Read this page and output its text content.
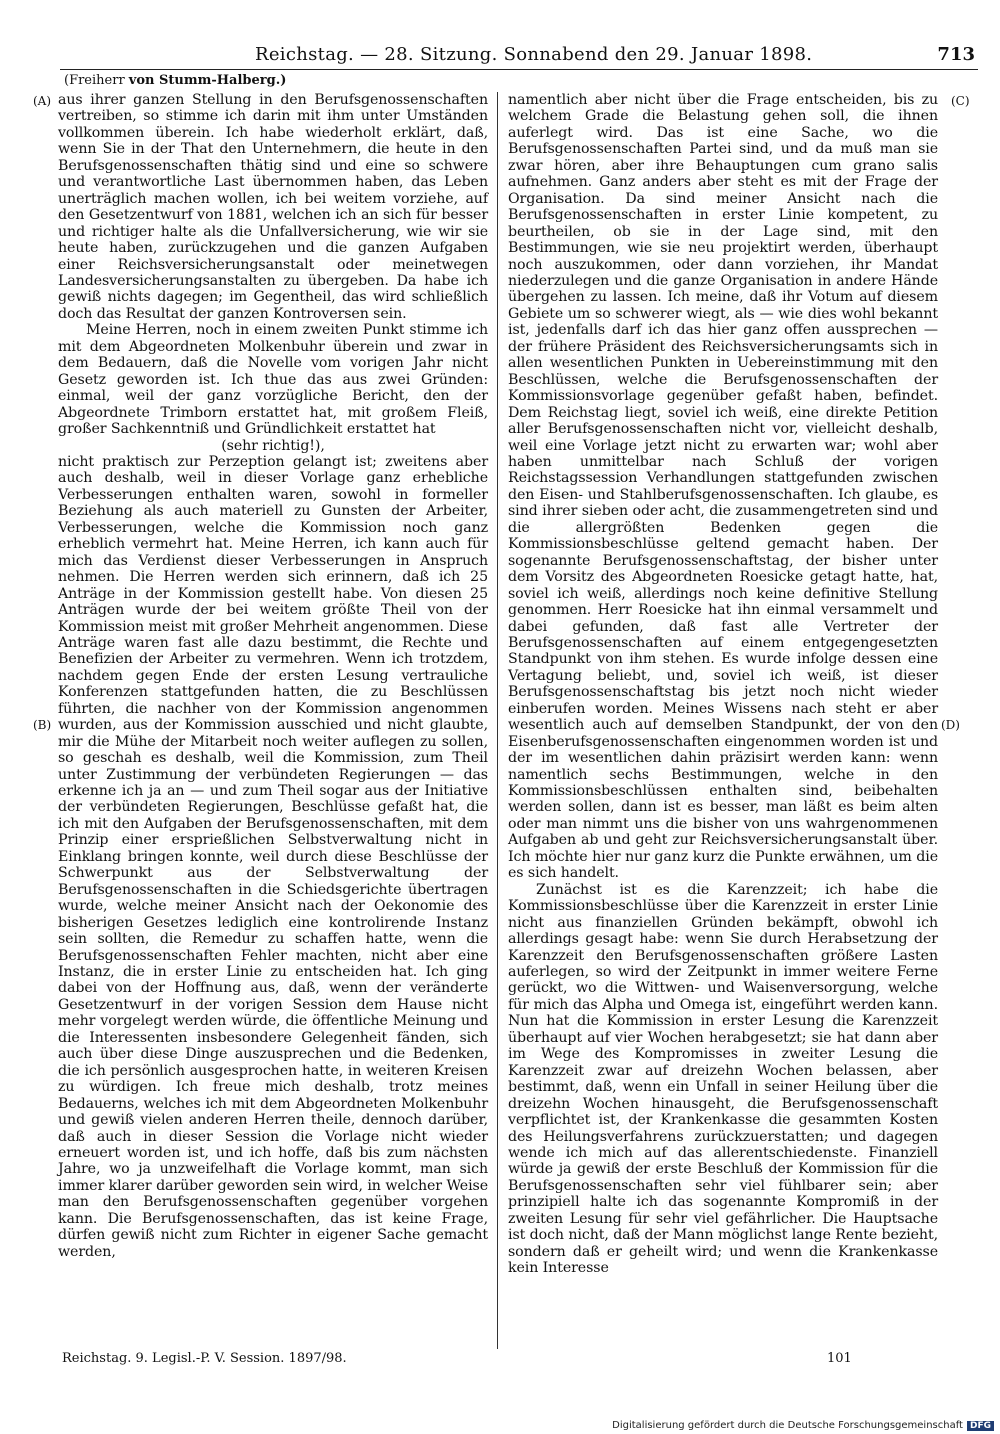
Reichstag. — 28. Sitzung. Sonnabend den 29. Januar 1898.	713
(Freiherr von Stumm-Halberg.)
(A)
(B)
(C)
(D)

aus ihrer ganzen Stellung in den Berufsgenossenschaften vertreiben, so stimme ich darin mit ihm unter Umständen vollkommen überein. Ich habe wiederholt erklärt, daß, wenn Sie in der That den Unternehmern, die heute in den Berufsgenossenschaften thätig sind und eine so schwere und verantwortliche Last übernommen haben, das Leben unerträglich machen wollen, ich bei weitem vorziehe, auf den Gesetzentwurf von 1881, welchen ich an sich für besser und richtiger halte als die Unfallversicherung, wie wir sie heute haben, zurückzugehen und die ganzen Aufgaben einer Reichsversicherungsanstalt oder meinetwegen Landesversicherungsanstalten zu übergeben. Da habe ich gewiß nichts dagegen; im Gegentheil, das wird schließlich doch das Resultat der ganzen Kontroversen sein.

Meine Herren, noch in einem zweiten Punkt stimme ich mit dem Abgeordneten Molkenbuhr überein und zwar in dem Bedauern, daß die Novelle vom vorigen Jahr nicht Gesetz geworden ist. Ich thue das aus zwei Gründen: einmal, weil der ganz vorzügliche Bericht, den der Abgeordnete Trimborn erstattet hat, mit großem Fleiß, großer Sachkenntniß und Gründlichkeit erstattet hat

(sehr richtig!),

nicht praktisch zur Perzeption gelangt ist; zweitens aber auch deshalb, weil in dieser Vorlage ganz erhebliche Verbesserungen enthalten waren, sowohl in formeller Beziehung als auch materiell zu Gunsten der Arbeiter, Verbesserungen, welche die Kommission noch ganz erheblich vermehrt hat. Meine Herren, ich kann auch für mich das Verdienst dieser Verbesserungen in Anspruch nehmen. Die Herren werden sich erinnern, daß ich 25 Anträge in der Kommission gestellt habe. Von diesen 25 Anträgen wurde der bei weitem größte Theil von der Kommission meist mit großer Mehrheit angenommen. Diese Anträge waren fast alle dazu bestimmt, die Rechte und Benefizien der Arbeiter zu vermehren. Wenn ich trotzdem, nachdem gegen Ende der ersten Lesung vertrauliche Konferenzen stattgefunden hatten, die zu Beschlüssen führten, die nachher von der Kommission angenommen wurden, aus der Kommission ausschied und nicht glaubte, mir die Mühe der Mitarbeit noch weiter auflegen zu sollen, so geschah es deshalb, weil die Kommission, zum Theil unter Zustimmung der verbündeten Regierungen — das erkenne ich ja an — und zum Theil sogar aus der Initiative der verbündeten Regierungen, Beschlüsse gefaßt hat, die ich mit den Aufgaben der Berufsgenossenschaften, mit dem Prinzip einer ersprießlichen Selbstverwaltung nicht in Einklang bringen konnte, weil durch diese Beschlüsse der Schwerpunkt aus der Selbstverwaltung der Berufsgenossenschaften in die Schiedsgerichte übertragen wurde, welche meiner Ansicht nach der Oekonomie des bisherigen Gesetzes lediglich eine kontrolirende Instanz sein sollten, die Remedur zu schaffen hatte, wenn die Berufsgenossenschaften Fehler machten, nicht aber eine Instanz, die in erster Linie zu entscheiden hat. Ich ging dabei von der Hoffnung aus, daß, wenn der veränderte Gesetzentwurf in der vorigen Session dem Hause nicht mehr vorgelegt werden würde, die öffentliche Meinung und die Interessenten insbesondere Gelegenheit fänden, sich auch über diese Dinge auszusprechen und die Bedenken, die ich persönlich ausgesprochen hatte, in weiteren Kreisen zu würdigen. Ich freue mich deshalb, trotz meines Bedauerns, welches ich mit dem Abgeordneten Molkenbuhr und gewiß vielen anderen Herren theile, dennoch darüber, daß auch in dieser Session die Vorlage nicht wieder erneuert worden ist, und ich hoffe, daß bis zum nächsten Jahre, wo ja unzweifelhaft die Vorlage kommt, man sich immer klarer darüber geworden sein wird, in welcher Weise man den Berufsgenossenschaften gegenüber vorgehen kann. Die Berufsgenossenschaften, das ist keine Frage, dürfen gewiß nicht zum Richter in eigener Sache gemacht werden,

namentlich aber nicht über die Frage entscheiden, bis zu welchem Grade die Belastung gehen soll, die ihnen auferlegt wird. Das ist eine Sache, wo die Berufsgenossenschaften Partei sind, und da muß man sie zwar hören, aber ihre Behauptungen cum grano salis aufnehmen. Ganz anders aber steht es mit der Frage der Organisation. Da sind meiner Ansicht nach die Berufsgenossenschaften in erster Linie kompetent, zu beurtheilen, ob sie in der Lage sind, mit den Bestimmungen, wie sie neu projektirt werden, überhaupt noch auszukommen, oder dann vorziehen, ihr Mandat niederzulegen und die ganze Organisation in andere Hände übergehen zu lassen. Ich meine, daß ihr Votum auf diesem Gebiete um so schwerer wiegt, als — wie dies wohl bekannt ist, jedenfalls darf ich das hier ganz offen aussprechen — der frühere Präsident des Reichsversicherungsamts sich in allen wesentlichen Punkten in Uebereinstimmung mit den Beschlüssen, welche die Berufsgenossenschaften der Kommissionsvorlage gegenüber gefaßt haben, befindet. Dem Reichstag liegt, soviel ich weiß, eine direkte Petition aller Berufsgenossenschaften nicht vor, vielleicht deshalb, weil eine Vorlage jetzt nicht zu erwarten war; wohl aber haben unmittelbar nach Schluß der vorigen Reichstagssession Verhandlungen stattgefunden zwischen den Eisen- und Stahlberufsgenossenschaften. Ich glaube, es sind ihrer sieben oder acht, die zusammengetreten sind und die allergrößten Bedenken gegen die Kommissionsbeschlüsse geltend gemacht haben. Der sogenannte Berufsgenossenschaftstag, der bisher unter dem Vorsitz des Abgeordneten Roesicke getagt hatte, hat, soviel ich weiß, allerdings noch keine definitive Stellung genommen. Herr Roesicke hat ihn einmal versammelt und dabei gefunden, daß fast alle Vertreter der Berufsgenossenschaften auf einem entgegengesetzten Standpunkt von ihm stehen. Es wurde infolge dessen eine Vertagung beliebt, und, soviel ich weiß, ist dieser Berufsgenossenschaftstag bis jetzt noch nicht wieder einberufen worden. Meines Wissens nach steht er aber wesentlich auch auf demselben Standpunkt, der von den Eisenberufsgenossenschaften eingenommen worden ist und der im wesentlichen dahin präzisirt werden kann: wenn namentlich sechs Bestimmungen, welche in den Kommissionsbeschlüssen enthalten sind, beibehalten werden sollen, dann ist es besser, man läßt es beim alten oder man nimmt uns die bisher von uns wahrgenommenen Aufgaben ab und geht zur Reichsversicherungsanstalt über. Ich möchte hier nur ganz kurz die Punkte erwähnen, um die es sich handelt.

Zunächst ist es die Karenzzeit; ich habe die Kommissionsbeschlüsse über die Karenzzeit in erster Linie nicht aus finanziellen Gründen bekämpft, obwohl ich allerdings gesagt habe: wenn Sie durch Herabsetzung der Karenzzeit den Berufsgenossenschaften größere Lasten auferlegen, so wird der Zeitpunkt in immer weitere Ferne gerückt, wo die Wittwen- und Waisenversorgung, welche für mich das Alpha und Omega ist, eingeführt werden kann. Nun hat die Kommission in erster Lesung die Karenzzeit überhaupt auf vier Wochen herabgesetzt; sie hat dann aber im Wege des Kompromisses in zweiter Lesung die Karenzzeit zwar auf dreizehn Wochen belassen, aber bestimmt, daß, wenn ein Unfall in seiner Heilung über die dreizehn Wochen hinausgeht, die Berufsgenossenschaft verpflichtet ist, der Krankenkasse die gesammten Kosten des Heilungsverfahrens zurückzuerstatten; und dagegen wende ich mich auf das allerentschiedenste. Finanziell würde ja gewiß der erste Beschluß der Kommission für die Berufsgenossenschaften sehr viel fühlbarer sein; aber prinzipiell halte ich das sogenannte Kompromiß in der zweiten Lesung für sehr viel gefährlicher. Die Hauptsache ist doch nicht, daß der Mann möglichst lange Rente bezieht, sondern daß er geheilt wird; und wenn die Krankenkasse kein Interesse

Reichstag. 9. Legisl.-P. V. Session. 1897/98.	101
Digitalisierung gefördert durch die Deutsche Forschungsgemeinschaft DFG
